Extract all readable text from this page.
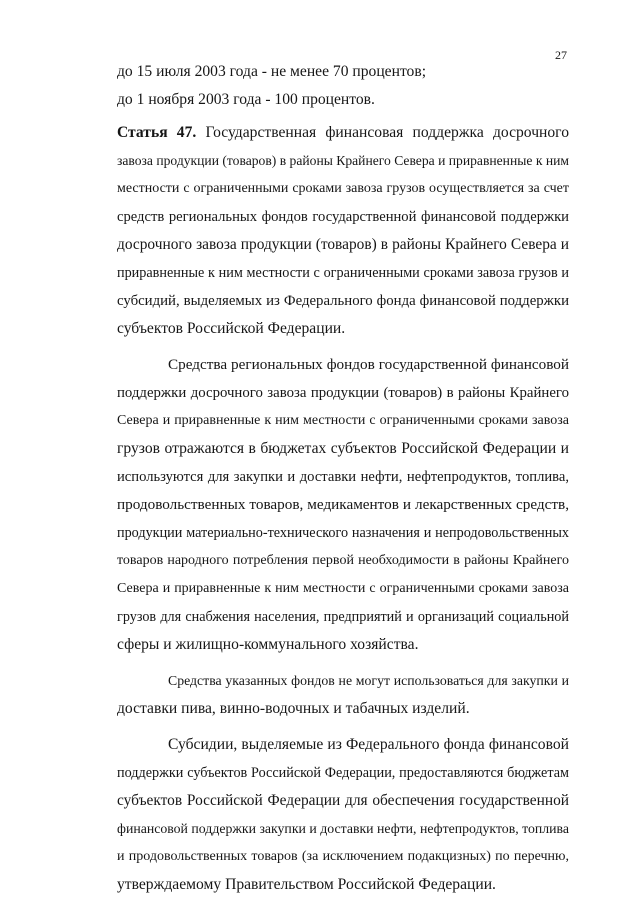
27
до 15 июля 2003 года - не менее 70 процентов;
до 1 ноября 2003 года - 100 процентов.
Статья 47. Государственная финансовая поддержка досрочного
завоза продукции (товаров) в районы Крайнего Севера и приравненные к ним
местности с ограниченными сроками завоза грузов осуществляется за счет
средств региональных фондов государственной финансовой поддержки
досрочного завоза продукции (товаров) в районы Крайнего Севера и
приравненные к ним местности с ограниченными сроками завоза грузов и
субсидий, выделяемых из Федерального фонда финансовой поддержки
субъектов Российской Федерации.
Средства региональных фондов государственной финансовой
поддержки досрочного завоза продукции (товаров) в районы Крайнего
Севера и приравненные к ним местности с ограниченными сроками завоза
грузов отражаются в бюджетах субъектов Российской Федерации и
используются для закупки и доставки нефти, нефтепродуктов, топлива,
продовольственных товаров, медикаментов и лекарственных средств,
продукции материально-технического назначения и непродовольственных
товаров народного потребления первой необходимости в районы Крайнего
Севера и приравненные к ним местности с ограниченными сроками завоза
грузов для снабжения населения, предприятий и организаций социальной
сферы и жилищно-коммунального хозяйства.
Средства указанных фондов не могут использоваться для закупки и
доставки пива, винно-водочных и табачных изделий.
Субсидии, выделяемые из Федерального фонда финансовой
поддержки субъектов Российской Федерации, предоставляются бюджетам
субъектов Российской Федерации для обеспечения государственной
финансовой поддержки закупки и доставки нефти, нефтепродуктов, топлива
и продовольственных товаров (за исключением подакцизных) по перечню,
утверждаемому Правительством Российской Федерации.
